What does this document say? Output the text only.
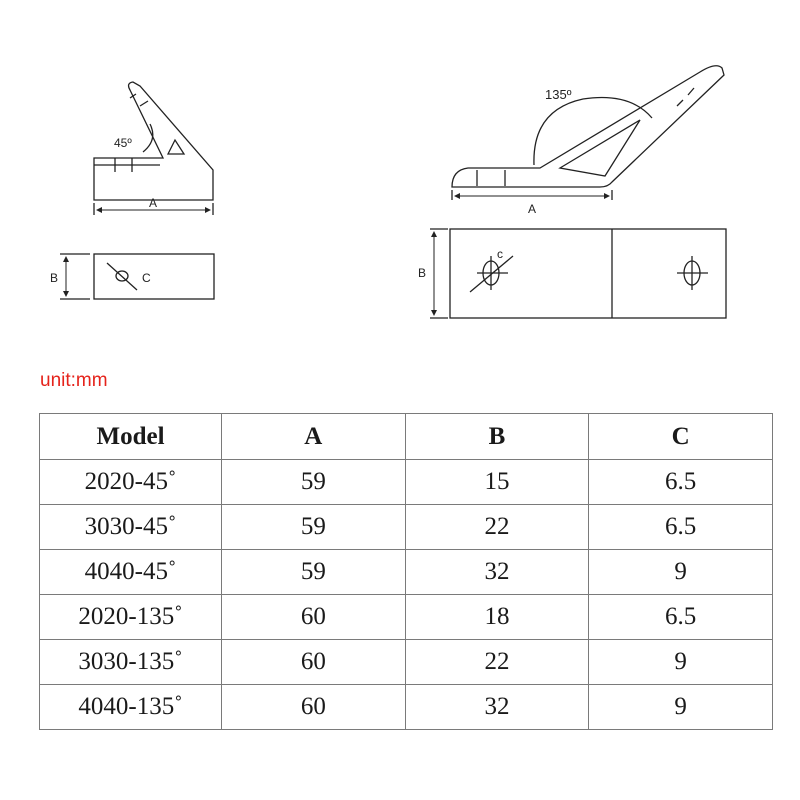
45º
A
B	C
135º
A
B
c
unit:mm
Model	A	B	C
2020-45˚	59	15	6.5
3030-45˚	59	22	6.5
4040-45˚	59	32	9
2020-135˚	60	18	6.5
3030-135˚	60	22	9
4040-135˚	60	32	9
